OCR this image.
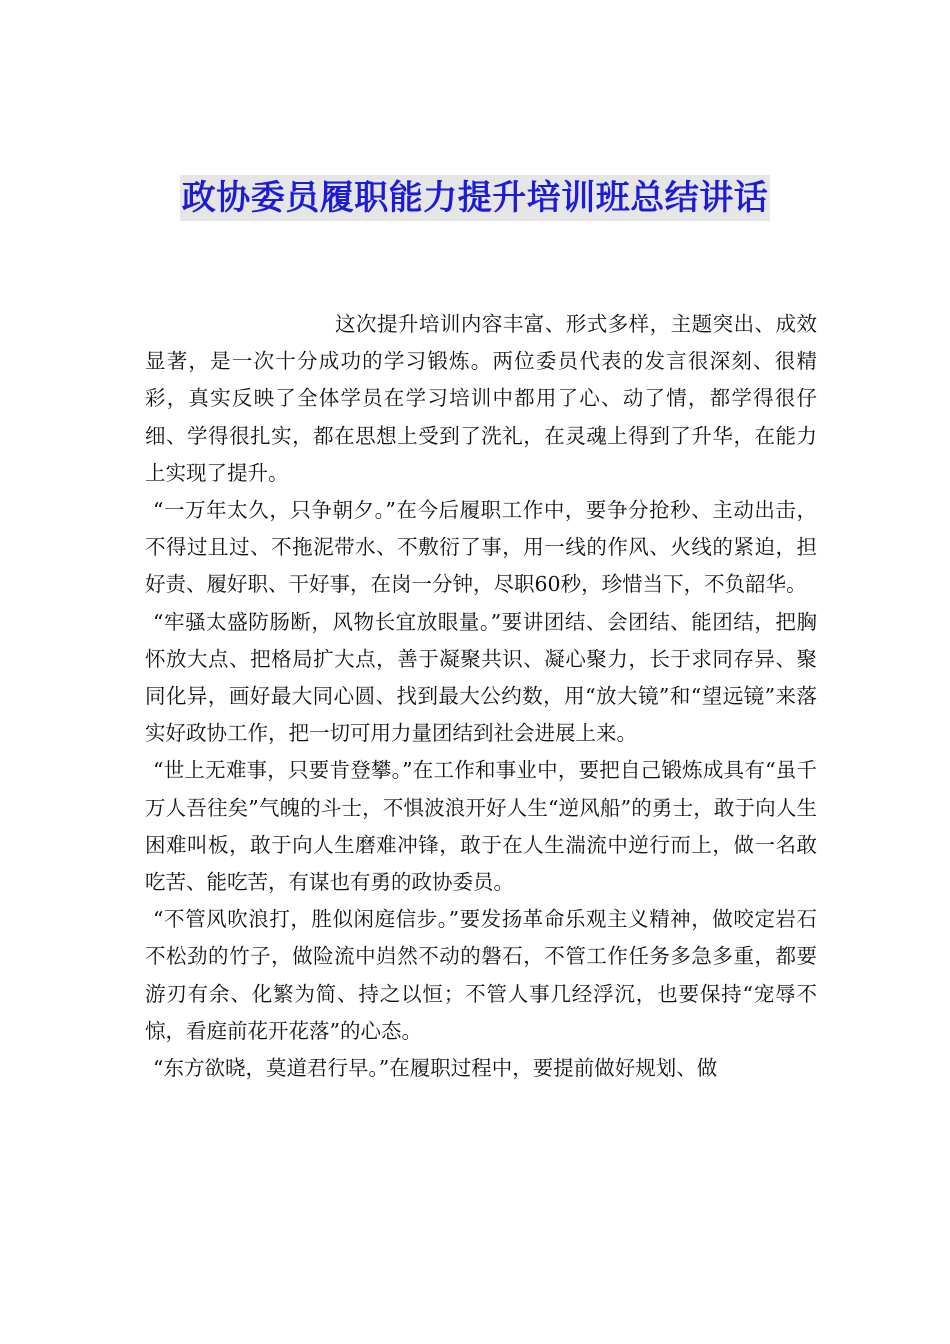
政协委员履职能力提升培训班总结讲话

这次提升培训内容丰富、形式多样，主题突出、成效显著，是一次十分成功的学习锻炼。两位委员代表的发言很深刻、很精彩，真实反映了全体学员在学习培训中都用了心、动了情，都学得很仔细、学得很扎实，都在思想上受到了洗礼，在灵魂上得到了升华，在能力上实现了提升。

“一万年太久，只争朝夕。”在今后履职工作中，要争分抢秒、主动出击，不得过且过、不拖泥带水、不敷衍了事，用一线的作风、火线的紧迫，担好责、履好职、干好事，在岗一分钟，尽职60秒，珍惜当下，不负韶华。

“牢骚太盛防肠断，风物长宜放眼量。”要讲团结、会团结、能团结，把胸怀放大点、把格局扩大点，善于凝聚共识、凝心聚力，长于求同存异、聚同化异，画好最大同心圆、找到最大公约数，用“放大镜”和“望远镜”来落实好政协工作，把一切可用力量团结到社会进展上来。

“世上无难事，只要肯登攀。”在工作和事业中，要把自己锻炼成具有“虽千万人吾往矣”气魄的斗士，不惧波浪开好人生“逆风船”的勇士，敢于向人生困难叫板，敢于向人生磨难冲锋，敢于在人生湍流中逆行而上，做一名敢吃苦、能吃苦，有谋也有勇的政协委员。

“不管风吹浪打，胜似闲庭信步。”要发扬革命乐观主义精神，做咬定岩石不松劲的竹子，做险流中岿然不动的磐石，不管工作任务多急多重，都要游刃有余、化繁为简、持之以恒；不管人事几经浮沉，也要保持“宠辱不惊，看庭前花开花落”的心态。

“东方欲晓，莫道君行早。”在履职过程中，要提前做好规划、做
